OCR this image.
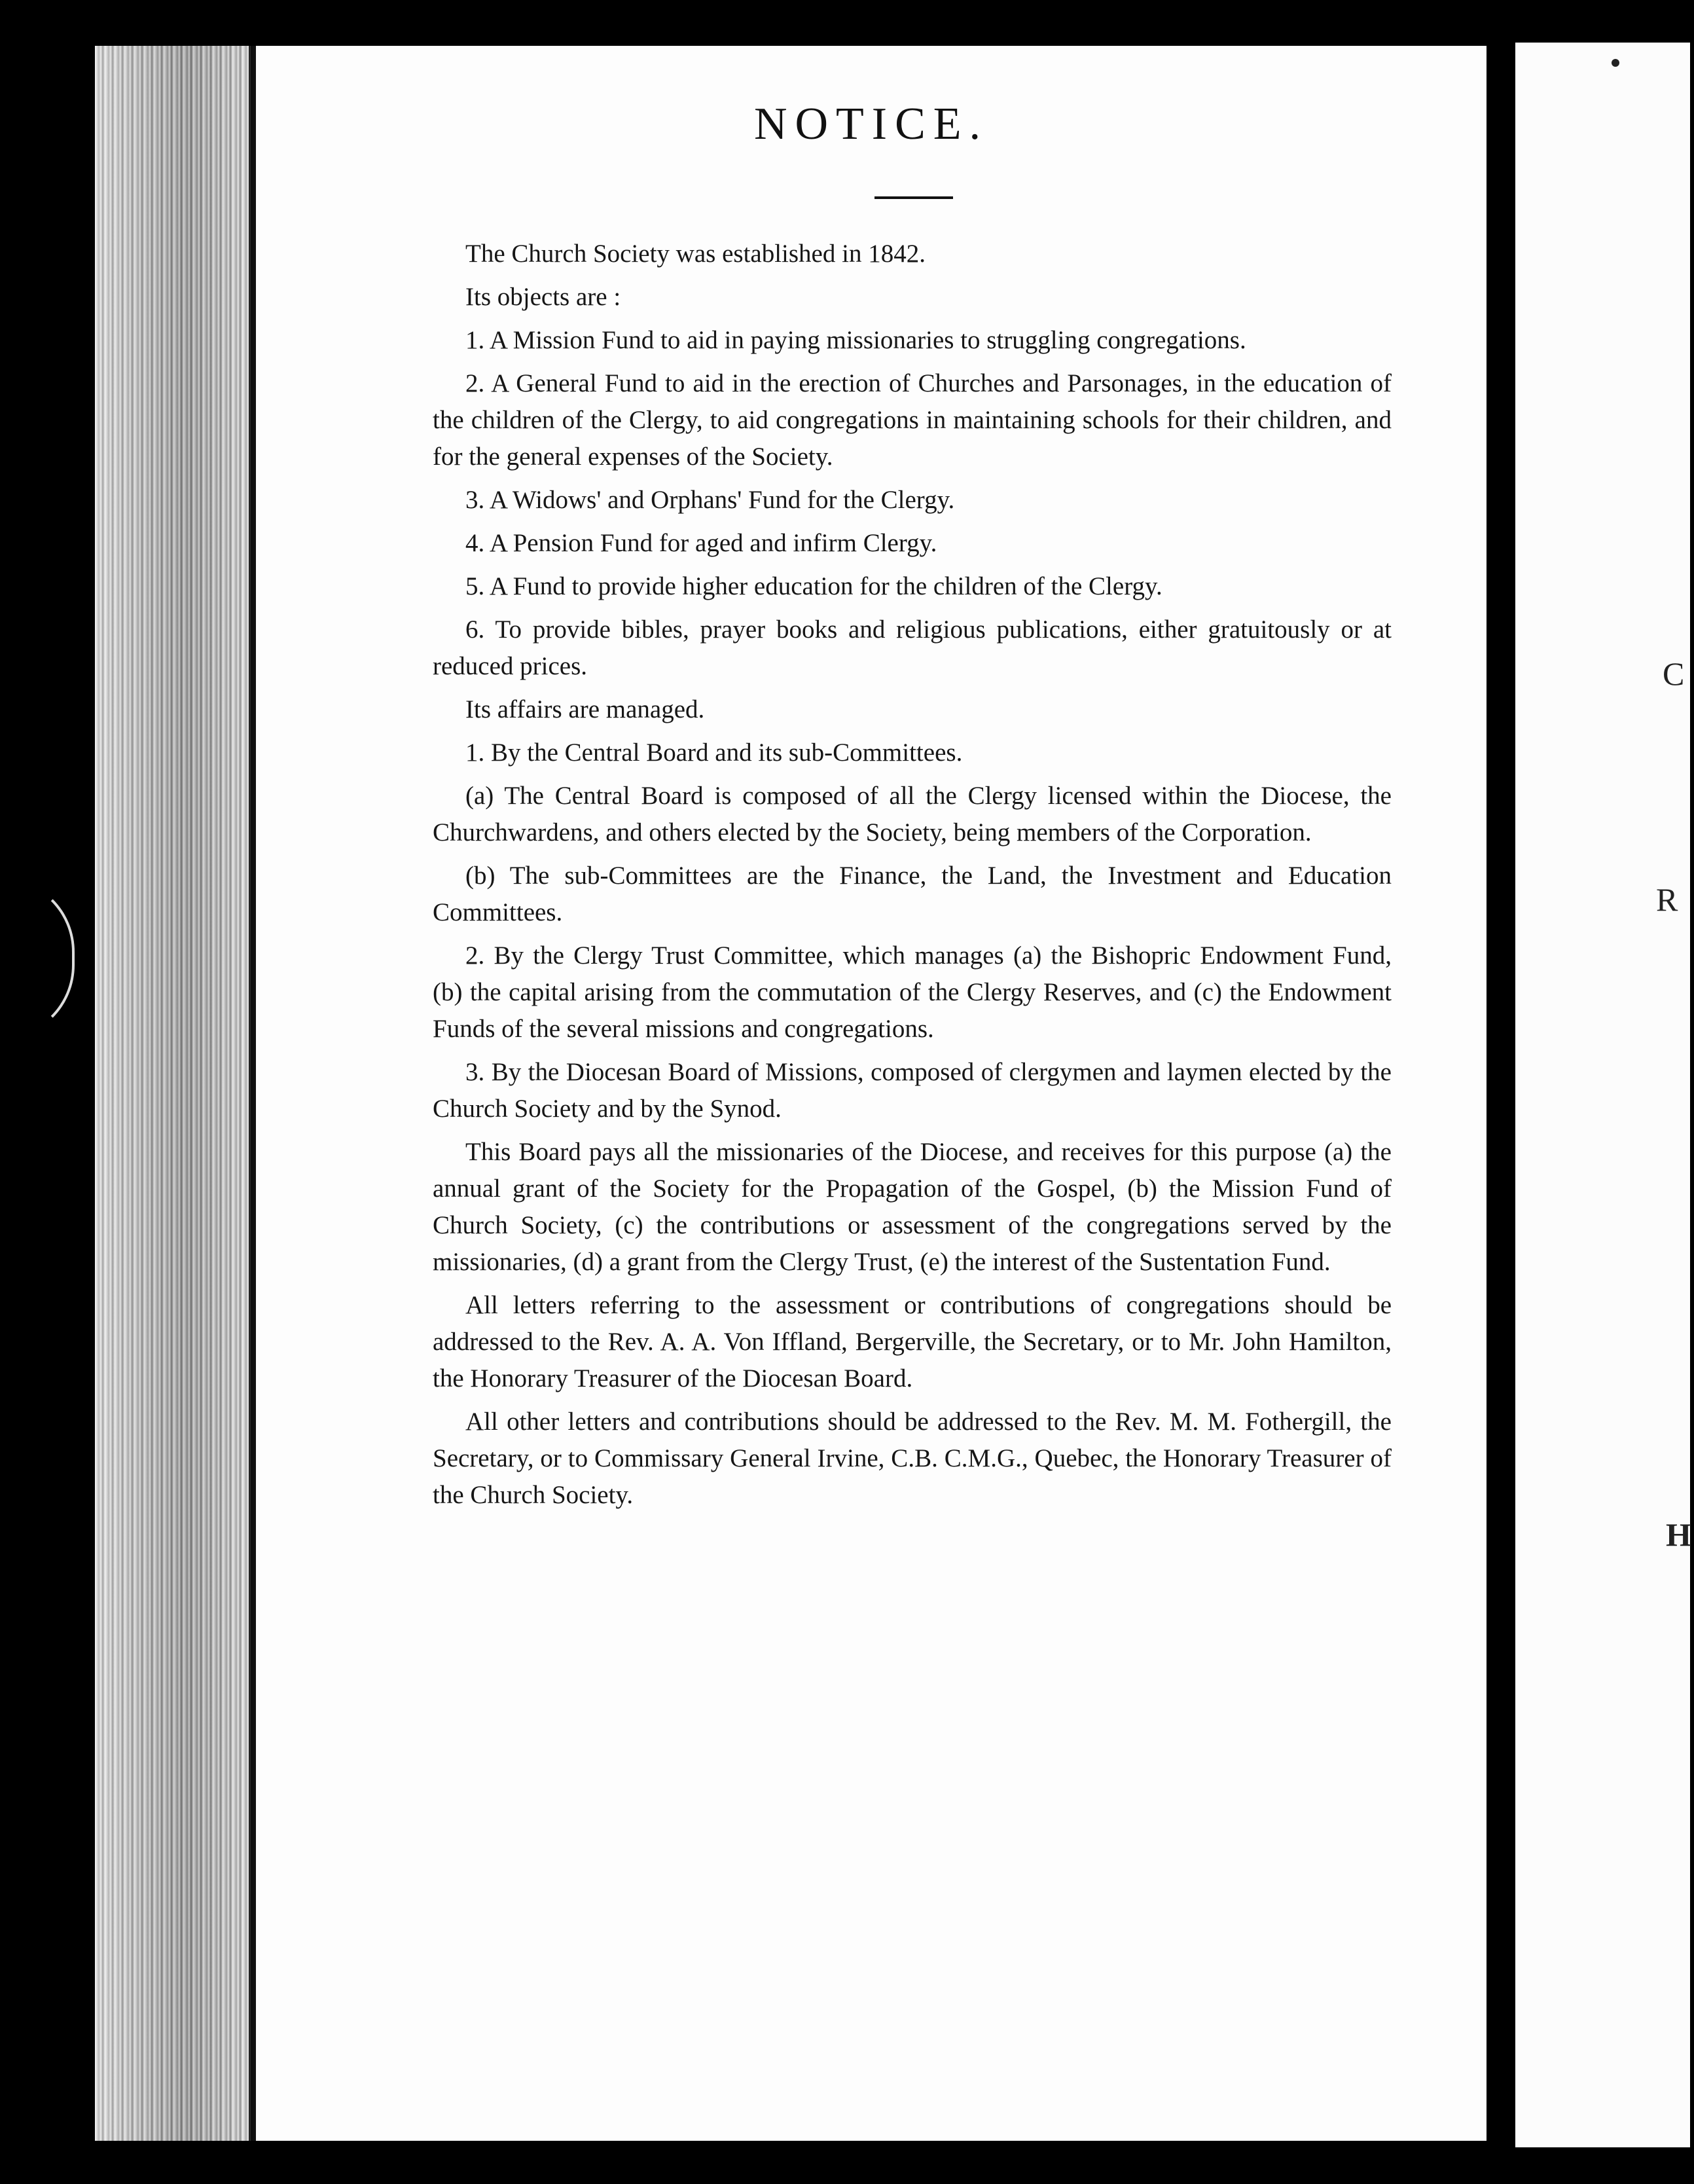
NOTICE.

The Church Society was established in 1842.

Its objects are :

1. A Mission Fund to aid in paying missionaries to struggling congregations.

2. A General Fund to aid in the erection of Churches and Parsonages, in the education of the children of the Clergy, to aid congregations in maintaining schools for their children, and for the general expenses of the Society.

3. A Widows' and Orphans' Fund for the Clergy.

4. A Pension Fund for aged and infirm Clergy.

5. A Fund to provide higher education for the children of the Clergy.

6. To provide bibles, prayer books and religious publications, either gratuitously or at reduced prices.

Its affairs are managed.

1. By the Central Board and its sub-Committees.

(a) The Central Board is composed of all the Clergy licensed within the Diocese, the Churchwardens, and others elected by the Society, being members of the Corporation.

(b) The sub-Committees are the Finance, the Land, the Investment and Education Committees.

2. By the Clergy Trust Committee, which manages (a) the Bishopric Endowment Fund, (b) the capital arising from the commutation of the Clergy Reserves, and (c) the Endowment Funds of the several missions and congregations.

3. By the Diocesan Board of Missions, composed of clergymen and laymen elected by the Church Society and by the Synod.

This Board pays all the missionaries of the Diocese, and receives for this purpose (a) the annual grant of the Society for the Propagation of the Gospel, (b) the Mission Fund of Church Society, (c) the contributions or assessment of the congregations served by the missionaries, (d) a grant from the Clergy Trust, (e) the interest of the Sustentation Fund.

All letters referring to the assessment or contributions of congregations should be addressed to the Rev. A. A. Von Iffland, Bergerville, the Secretary, or to Mr. John Hamilton, the Honorary Treasurer of the Diocesan Board.

All other letters and contributions should be addressed to the Rev. M. M. Fothergill, the Secretary, or to Commissary General Irvine, C.B. C.M.G., Quebec, the Honorary Treasurer of the Church Society.

C
R
H
